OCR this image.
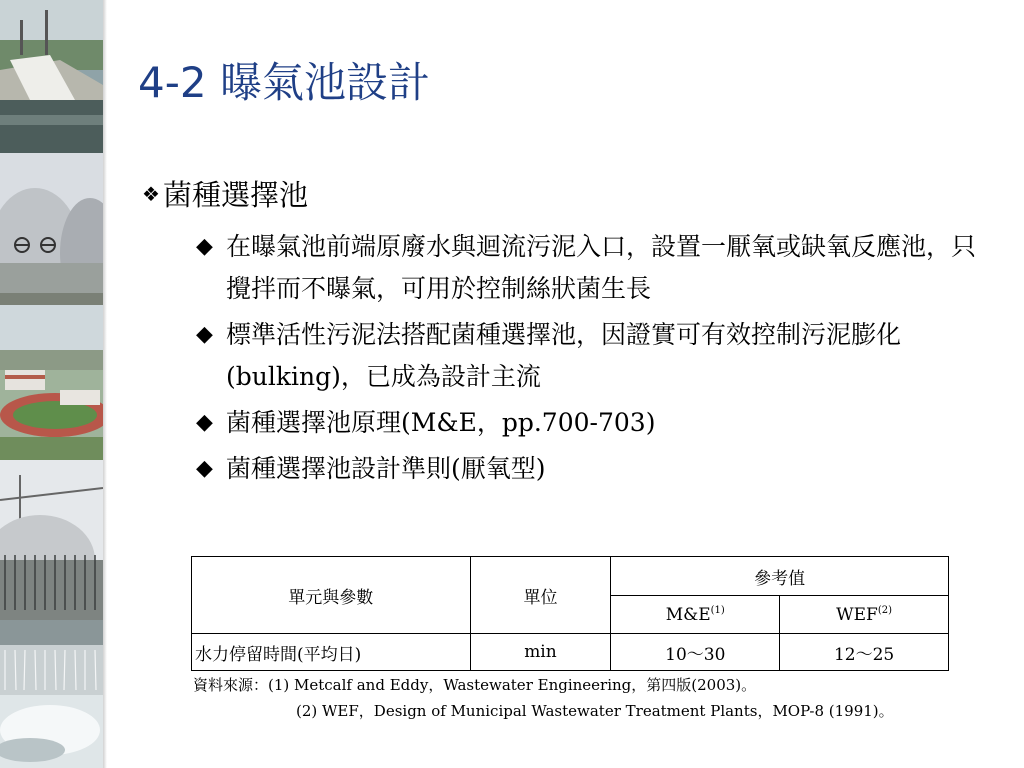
4-2 曝氣池設計
❖ 菌種選擇池
◆ 在曝氣池前端原廢水與迴流污泥入口，設置一厭氧或缺氧反應池，只攪拌而不曝氣，可用於控制絲狀菌生長
◆ 標準活性污泥法搭配菌種選擇池，因證實可有效控制污泥膨化(bulking)，已成為設計主流
◆ 菌種選擇池原理(M&E，pp.700-703)
◆ 菌種選擇池設計準則(厭氧型)
單元與參數	單位	參考值	
		$M\&E^{(1)}$	WEF$^{(2)}$
水力停留時間(平均日)	min	10～30	12～25
資料來源：(1) Metcalf and Eddy，Wastewater Engineering，第四版(2003)。
(2) WEF，Design of Municipal Wastewater Treatment Plants，MOP-8 (1991)。
